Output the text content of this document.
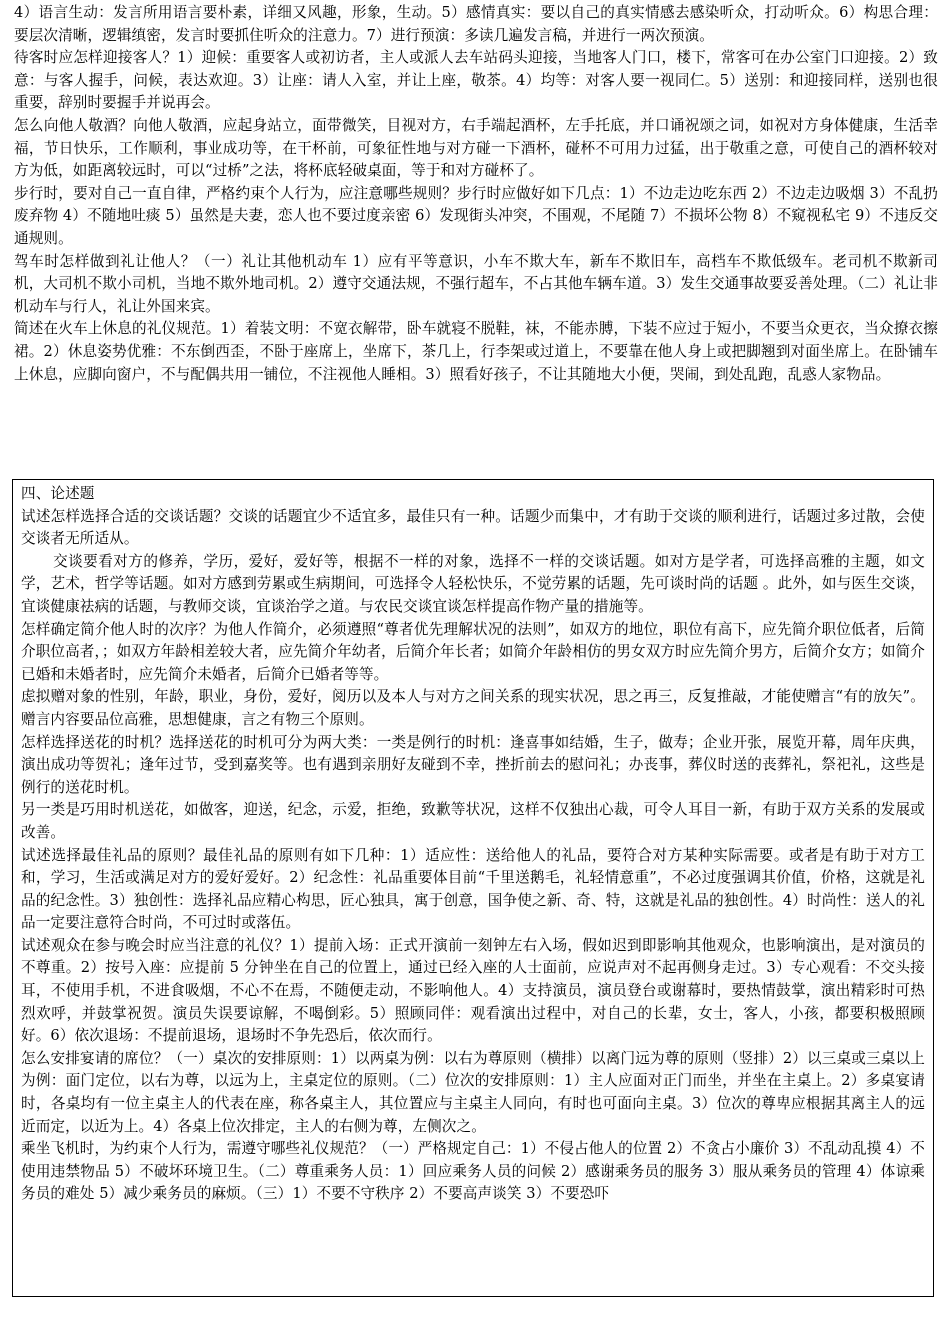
4）语言生动：发言所用语言要朴素，详细又风趣，形象，生动。5）感情真实：要以自己的真实情感去感染听众，打动听众。6）构思合理：要层次清晰，逻辑缜密，发言时要抓住听众的注意力。7）进行预演：多读几遍发言稿，并进行一两次预演。

待客时应怎样迎接客人？1）迎候：重要客人或初访者，主人或派人去车站码头迎接，当地客人门口，楼下，常客可在办公室门口迎接。2）致意：与客人握手，问候，表达欢迎。3）让座：请人入室，并让上座，敬茶。4）均等：对客人要一视同仁。5）送别：和迎接同样，送别也很重要，辞别时要握手并说再会。

怎么向他人敬酒？向他人敬酒，应起身站立，面带微笑，目视对方，右手端起酒杯，左手托底，并口诵祝颂之词，如祝对方身体健康，生活幸福，节日快乐，工作顺利，事业成功等，在干杯前，可象征性地与对方碰一下酒杯，碰杯不可用力过猛，出于敬重之意，可使自己的酒杯较对方为低，如距离较远时，可以“过桥”之法，将杯底轻破桌面，等于和对方碰杯了。

步行时，要对自己一直自律，严格约束个人行为，应注意哪些规则？步行时应做好如下几点：1）不边走边吃东西 2）不边走边吸烟 3）不乱扔废弃物 4）不随地吐痰 5）虽然是夫妻，恋人也不要过度亲密 6）发现街头冲突，不围观，不尾随 7）不损坏公物 8）不窥视私宅 9）不违反交通规则。

驾车时怎样做到礼让他人？（一）礼让其他机动车 1）应有平等意识，小车不欺大车，新车不欺旧车，高档车不欺低级车。老司机不欺新司机，大司机不欺小司机，当地不欺外地司机。2）遵守交通法规，不强行超车，不占其他车辆车道。3）发生交通事故要妥善处理。（二）礼让非机动车与行人，礼让外国来宾。

简述在火车上休息的礼仪规范。1）着装文明：不宽衣解带，卧车就寝不脱鞋，袜，不能赤膊，下装不应过于短小，不要当众更衣，当众撩衣擦裙。2）休息姿势优雅：不东倒西歪，不卧于座席上，坐席下，茶几上，行李架或过道上，不要靠在他人身上或把脚翘到对面坐席上。在卧铺车上休息，应脚向窗户，不与配偶共用一铺位，不注视他人睡相。3）照看好孩子，不让其随地大小便，哭闹，到处乱跑，乱惑人家物品。

四、论述题

试述怎样选择合适的交谈话题？交谈的话题宜少不适宜多，最佳只有一种。话题少而集中，才有助于交谈的顺利进行，话题过多过散，会使交谈者无所适从。

交谈要看对方的修养，学历，爱好，爱好等，根据不一样的对象，选择不一样的交谈话题。如对方是学者，可选择高雅的主题，如文学，艺术，哲学等话题。如对方感到劳累或生病期间，可选择令人轻松快乐，不觉劳累的话题，先可谈时尚的话题 。此外，如与医生交谈，宜谈健康祛病的话题，与教师交谈，宜谈治学之道。与农民交谈宜谈怎样提高作物产量的措施等。

怎样确定简介他人时的次序？为他人作简介，必须遵照“尊者优先理解状况的法则”，如双方的地位，职位有高下，应先简介职位低者，后简介职位高者，；如双方年龄相差较大者，应先简介年幼者，后简介年长者；如简介年龄相仿的男女双方时应先简介男方，后简介女方；如简介已婚和未婚者时，应先简介未婚者，后简介已婚者等等。

虑拟赠对象的性别，年龄，职业，身份，爱好，阅历以及本人与对方之间关系的现实状况，思之再三，反复推敲，才能使赠言“有的放矢”。赠言内容要品位高雅，思想健康，言之有物三个原则。

怎样选择送花的时机？选择送花的时机可分为两大类：一类是例行的时机：逢喜事如结婚，生子，做寿；企业开张，展览开幕，周年庆典，演出成功等贺礼；逢年过节，受到嘉奖等。也有遇到亲朋好友碰到不幸，挫折前去的慰问礼；办丧事，葬仪时送的丧葬礼，祭祀礼，这些是例行的送花时机。

另一类是巧用时机送花，如做客，迎送，纪念，示爱，拒绝，致歉等状况，这样不仅独出心裁，可令人耳目一新，有助于双方关系的发展或改善。

试述选择最佳礼品的原则？最佳礼品的原则有如下几种：1）适应性：送给他人的礼品，要符合对方某种实际需要。或者是有助于对方工和，学习，生活或满足对方的爱好爱好。2）纪念性：礼品重要体目前“千里送鹅毛，礼轻情意重”，不必过度强调其价值，价格，这就是礼品的纪念性。3）独创性：选择礼品应精心构思，匠心独具，寓于创意，国争使之新、奇、特，这就是礼品的独创性。4）时尚性：送人的礼品一定要注意符合时尚，不可过时或落伍。

试述观众在参与晚会时应当注意的礼仪？1）提前入场：正式开演前一刻钟左右入场，假如迟到即影响其他观众，也影响演出，是对演员的不尊重。2）按号入座：应提前 5 分钟坐在自己的位置上，通过已经入座的人士面前，应说声对不起再侧身走过。3）专心观看：不交头接耳，不使用手机，不进食吸烟，不心不在焉，不随便走动，不影响他人。4）支持演员，演员登台或谢幕时，要热情鼓掌，演出精彩时可热烈欢呼，并鼓掌祝贺。演员失误要谅解，不喝倒彩。5）照顾同伴：观看演出过程中，对自己的长辈，女士，客人，小孩，都要积极照顾好。6）依次退场：不提前退场，退场时不争先恐后，依次而行。

怎么安排宴请的席位？（一）桌次的安排原则：1）以两桌为例：以右为尊原则（横排）以离门远为尊的原则（竖排）2）以三桌或三桌以上为例：面门定位，以右为尊，以远为上，主桌定位的原则。（二）位次的安排原则：1）主人应面对正门而坐，并坐在主桌上。2）多桌宴请时，各桌均有一位主桌主人的代表在座，称各桌主人，其位置应与主桌主人同向，有时也可面向主桌。3）位次的尊卑应根据其离主人的远近而定，以近为上。4）各桌上位次排定，主人的右侧为尊，左侧次之。

乘坐飞机时，为约束个人行为，需遵守哪些礼仪规范？（一）严格规定自己：1）不侵占他人的位置 2）不贪占小廉价 3）不乱动乱摸 4）不使用违禁物品 5）不破坏环境卫生。（二）尊重乘务人员：1）回应乘务人员的问候 2）感谢乘务员的服务 3）服从乘务员的管理 4）体谅乘务员的难处 5）减少乘务员的麻烦。（三）1）不要不守秩序 2）不要高声谈笑 3）不要恐吓
